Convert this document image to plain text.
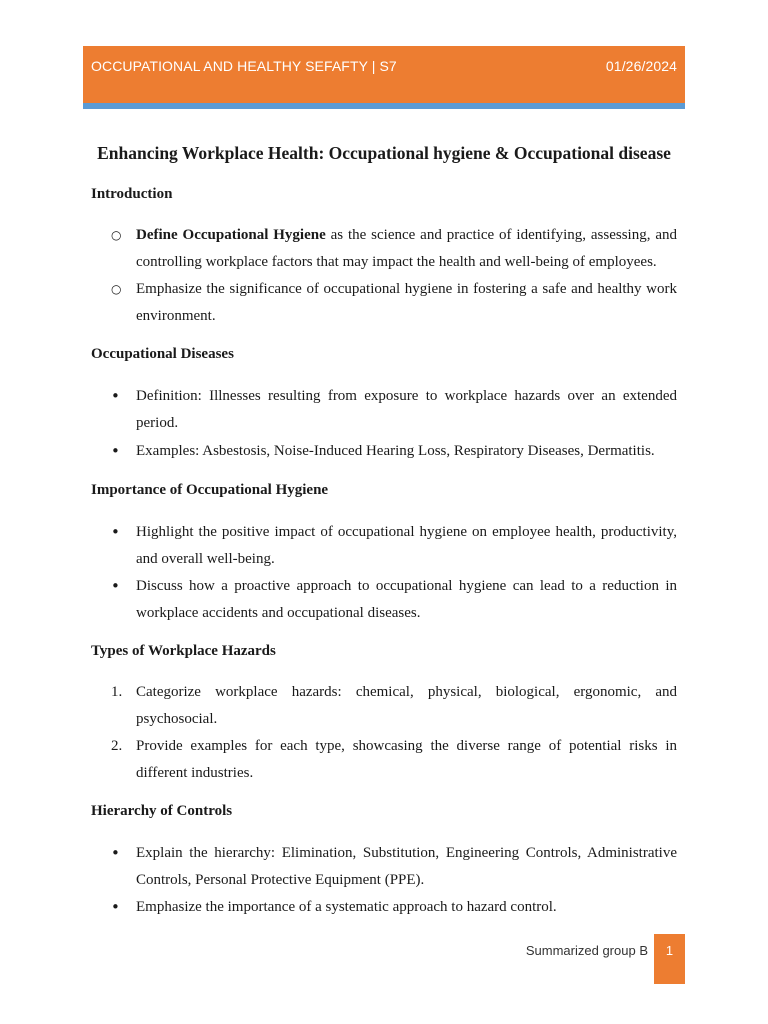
OCCUPATIONAL AND HEALTHY SEFAFTY | S7	01/26/2024
Enhancing Workplace Health: Occupational hygiene & Occupational disease
Introduction
○ Define Occupational Hygiene as the science and practice of identifying, assessing, and controlling workplace factors that may impact the health and well-being of employees.
○ Emphasize the significance of occupational hygiene in fostering a safe and healthy work environment.
Occupational Diseases
• Definition: Illnesses resulting from exposure to workplace hazards over an extended period.
• Examples: Asbestosis, Noise-Induced Hearing Loss, Respiratory Diseases, Dermatitis.
Importance of Occupational Hygiene
• Highlight the positive impact of occupational hygiene on employee health, productivity, and overall well-being.
• Discuss how a proactive approach to occupational hygiene can lead to a reduction in workplace accidents and occupational diseases.
Types of Workplace Hazards
1. Categorize workplace hazards: chemical, physical, biological, ergonomic, and psychosocial.
2. Provide examples for each type, showcasing the diverse range of potential risks in different industries.
Hierarchy of Controls
• Explain the hierarchy: Elimination, Substitution, Engineering Controls, Administrative Controls, Personal Protective Equipment (PPE).
• Emphasize the importance of a systematic approach to hazard control.
Summarized group B	1
